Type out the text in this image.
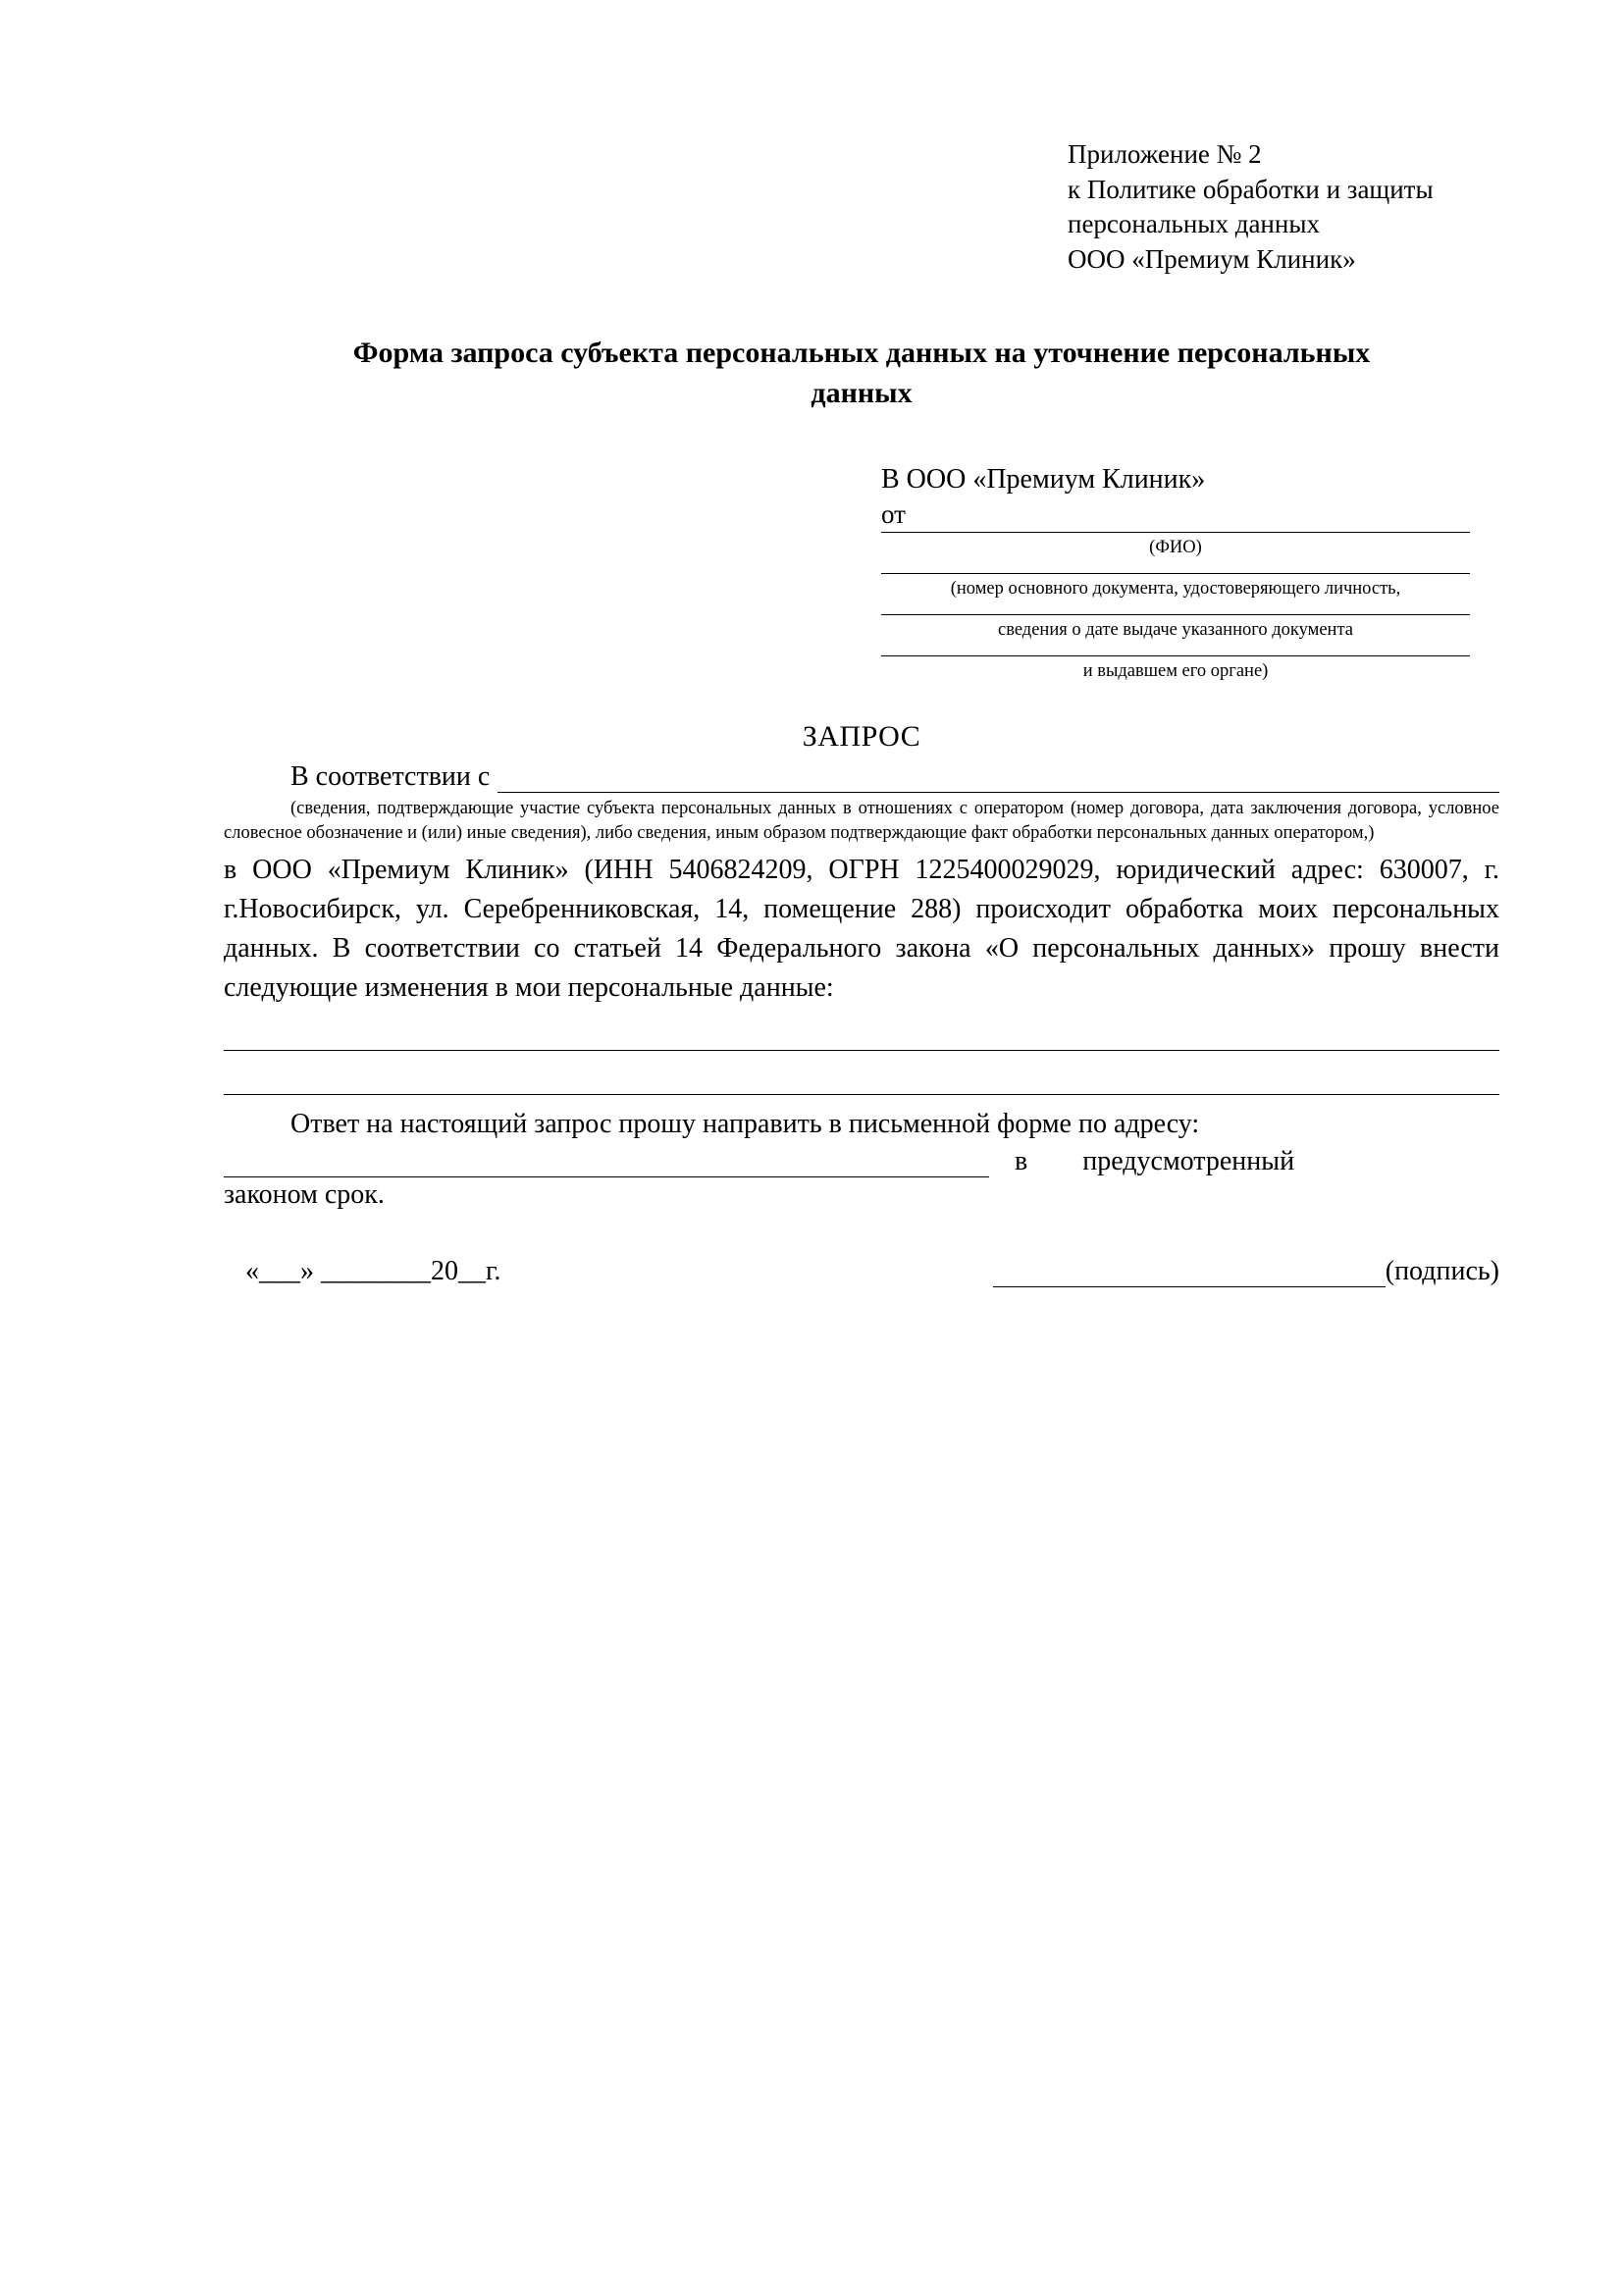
Приложение № 2
к Политике обработки и защиты
персональных данных
ООО «Премиум Клиник»
Форма запроса субъекта персональных данных на уточнение персональных данных
В ООО «Премиум Клиник»
от
(ФИО)
(номер основного документа, удостоверяющего личность,
сведения о дате выдаче указанного документа
и выдавшем его органе)
ЗАПРОС
В соответствии с
(сведения, подтверждающие участие субъекта персональных данных в отношениях с оператором (номер договора, дата заключения договора, условное словесное обозначение и (или) иные сведения), либо сведения, иным образом подтверждающие факт обработки персональных данных оператором,)
в ООО «Премиум Клиник» (ИНН 5406824209, ОГРН 1225400029029, юридический адрес: 630007, г. г.Новосибирск, ул. Серебренниковская, 14, помещение 288) происходит обработка моих персональных данных. В соответствии со статьей 14 Федерального закона «О персональных данных» прошу внести следующие изменения в мои персональные данные:
Ответ на настоящий запрос прошу направить в письменной форме по адресу:
в        предусмотренный
законом срок.
«___» ________20__г.	(подпись)
